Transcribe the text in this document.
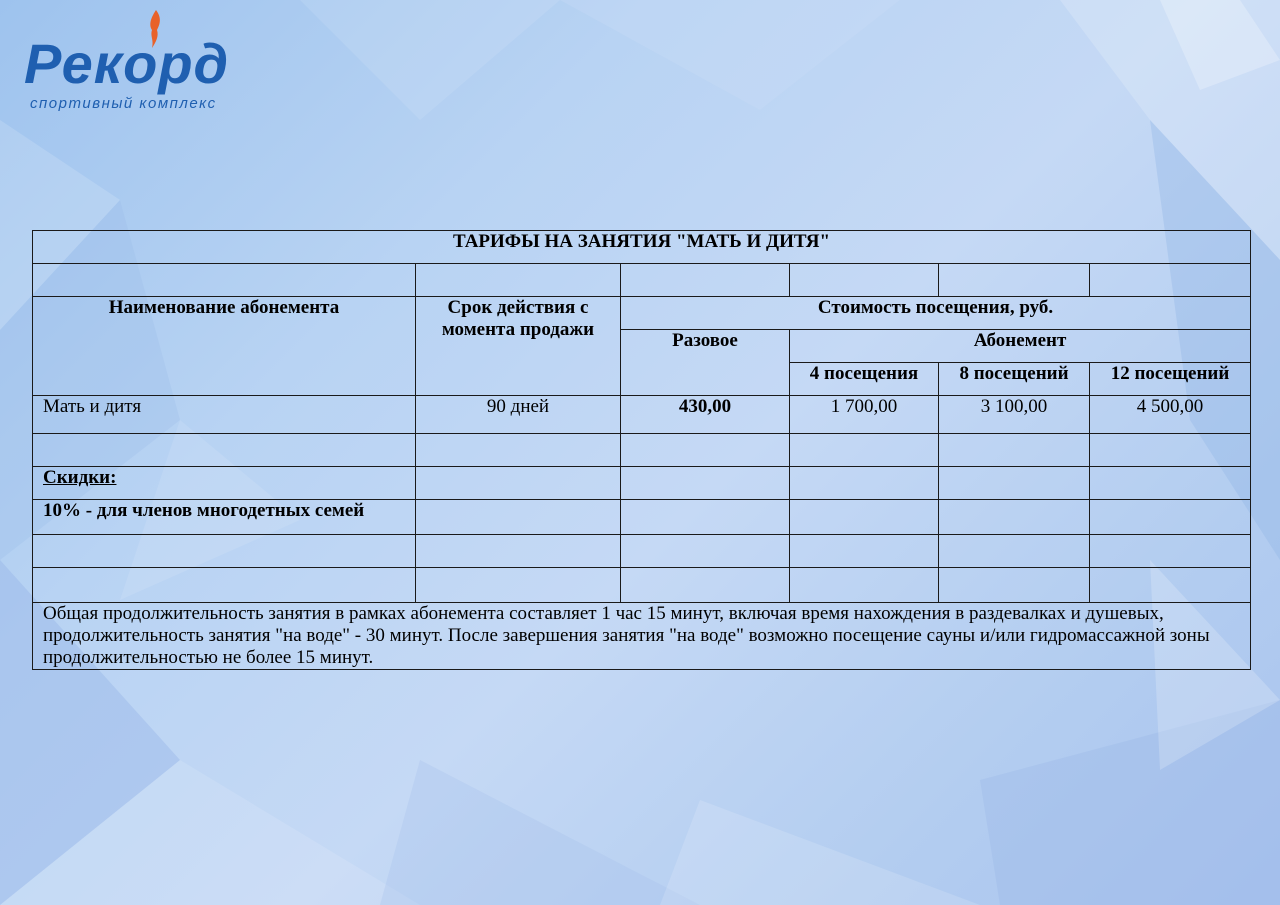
Рекорд
спортивный комплекс
ТАРИФЫ НА ЗАНЯТИЯ "МАТЬ И ДИТЯ"					

Наименование абонемента	Срок действия с момента продажи	Стоимость посещения, руб.			
		Разовое	Абонемент		
			4 посещения	8 посещений	12 посещений
Мать и дитя	90 дней	430,00	1 700,00	3 100,00	4 500,00

Скидки:					
10% - для членов многодетных семей					

Общая продолжительность занятия в рамках абонемента составляет 1 час 15 минут, включая время нахождения в раздевалках и душевых, продолжительность занятия "на воде" - 30 минут. После завершения занятия "на воде" возможно посещение сауны и/или гидромассажной зоны продолжительностью не более 15 минут.					
